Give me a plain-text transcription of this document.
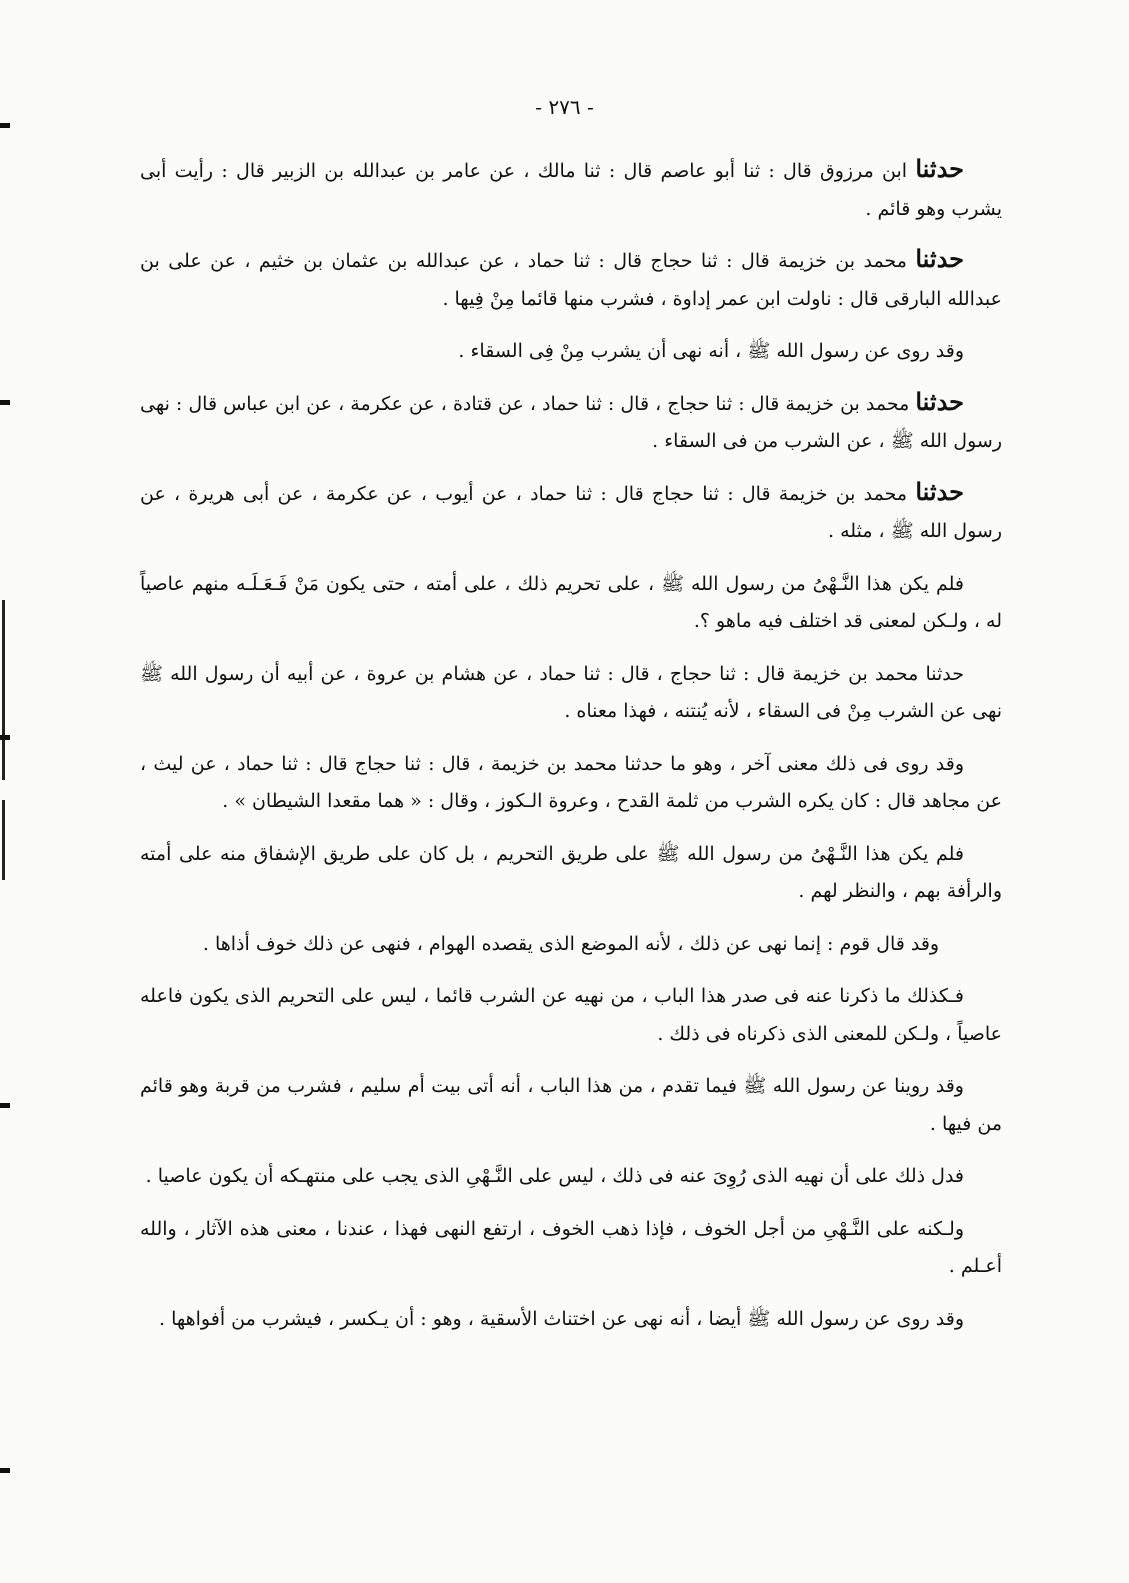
- ٢٧٦ -

حدثنا ابن مرزوق قال : ثنا أبو عاصم قال : ثنا مالك ، عن عامر بن عبدالله بن الزبير قال : رأيت أبى يشرب وهو قائم .

حدثنا محمد بن خزيمة قال : ثنا حجاج قال : ثنا حماد ، عن عبدالله بن عثمان بن خثيم ، عن على بن عبدالله البارقى قال : ناولت ابن عمر إداوة ، فشرب منها قائما مِنْ فِيها .

وقد روى عن رسول الله ﷺ ، أنه نهى أن يشرب مِنْ فِى السقاء .

حدثنا محمد بن خزيمة قال : ثنا حجاج ، قال : ثنا حماد ، عن قتادة ، عن عكرمة ، عن ابن عباس قال : نهى رسول الله ﷺ ، عن الشرب من فى السقاء .

حدثنا محمد بن خزيمة قال : ثنا حجاج قال : ثنا حماد ، عن أيوب ، عن عكرمة ، عن أبى هريرة ، عن رسول الله ﷺ ، مثله .

فلم يكن هذا النَّـهْىُ من رسول الله ﷺ ، على تحريم ذلك ، على أمته ، حتى يكون مَنْ فَـعَـلَـه منهم عاصياً له ، ولـكن لمعنى قد اختلف فيه ماهو ؟.

حدثنا محمد بن خزيمة قال : ثنا حجاج ، قال : ثنا حماد ، عن هشام بن عروة ، عن أبيه أن رسول الله ﷺ نهى عن الشرب مِنْ فى السقاء ، لأنه يُنتنه ، فهذا معناه .

وقد روى فى ذلك معنى آخر ، وهو ما حدثنا محمد بن خزيمة ، قال : ثنا حجاج قال : ثنا حماد ، عن ليث ، عن مجاهد قال : كان يكره الشرب من ثلمة القدح ، وعروة الـكوز ، وقال : « هما مقعدا الشيطان » .

فلم يكن هذا النَّـهْىُ من رسول الله ﷺ على طريق التحريم ، بل كان على طريق الإشفاق منه على أمته والرأفة بهم ، والنظر لهم .

وقد قال قوم : إنما نهى عن ذلك ، لأنه الموضع الذى يقصده الهوام ، فنهى عن ذلك خوف أذاها .

فـكذلك ما ذكرنا عنه فى صدر هذا الباب ، من نهيه عن الشرب قائما ، ليس على التحريم الذى يكون فاعله عاصياً ، ولـكن للمعنى الذى ذكرناه فى ذلك .

وقد روينا عن رسول الله ﷺ فيما تقدم ، من هذا الباب ، أنه أتى بيت أم سليم ، فشرب من قربة وهو قائم من فيها .

فدل ذلك على أن نهيه الذى رُوِىَ عنه فى ذلك ، ليس على النَّـهْىِ الذى يجب على منتهـكه أن يكون عاصيا .

ولـكنه على النَّـهْىِ من أجل الخوف ، فإذا ذهب الخوف ، ارتفع النهى فهذا ، عندنا ، معنى هذه الآثار ، والله أعـلم .

وقد روى عن رسول الله ﷺ أيضا ، أنه نهى عن اختناث الأسقية ، وهو : أن يـكسر ، فيشرب من أفواهها .
